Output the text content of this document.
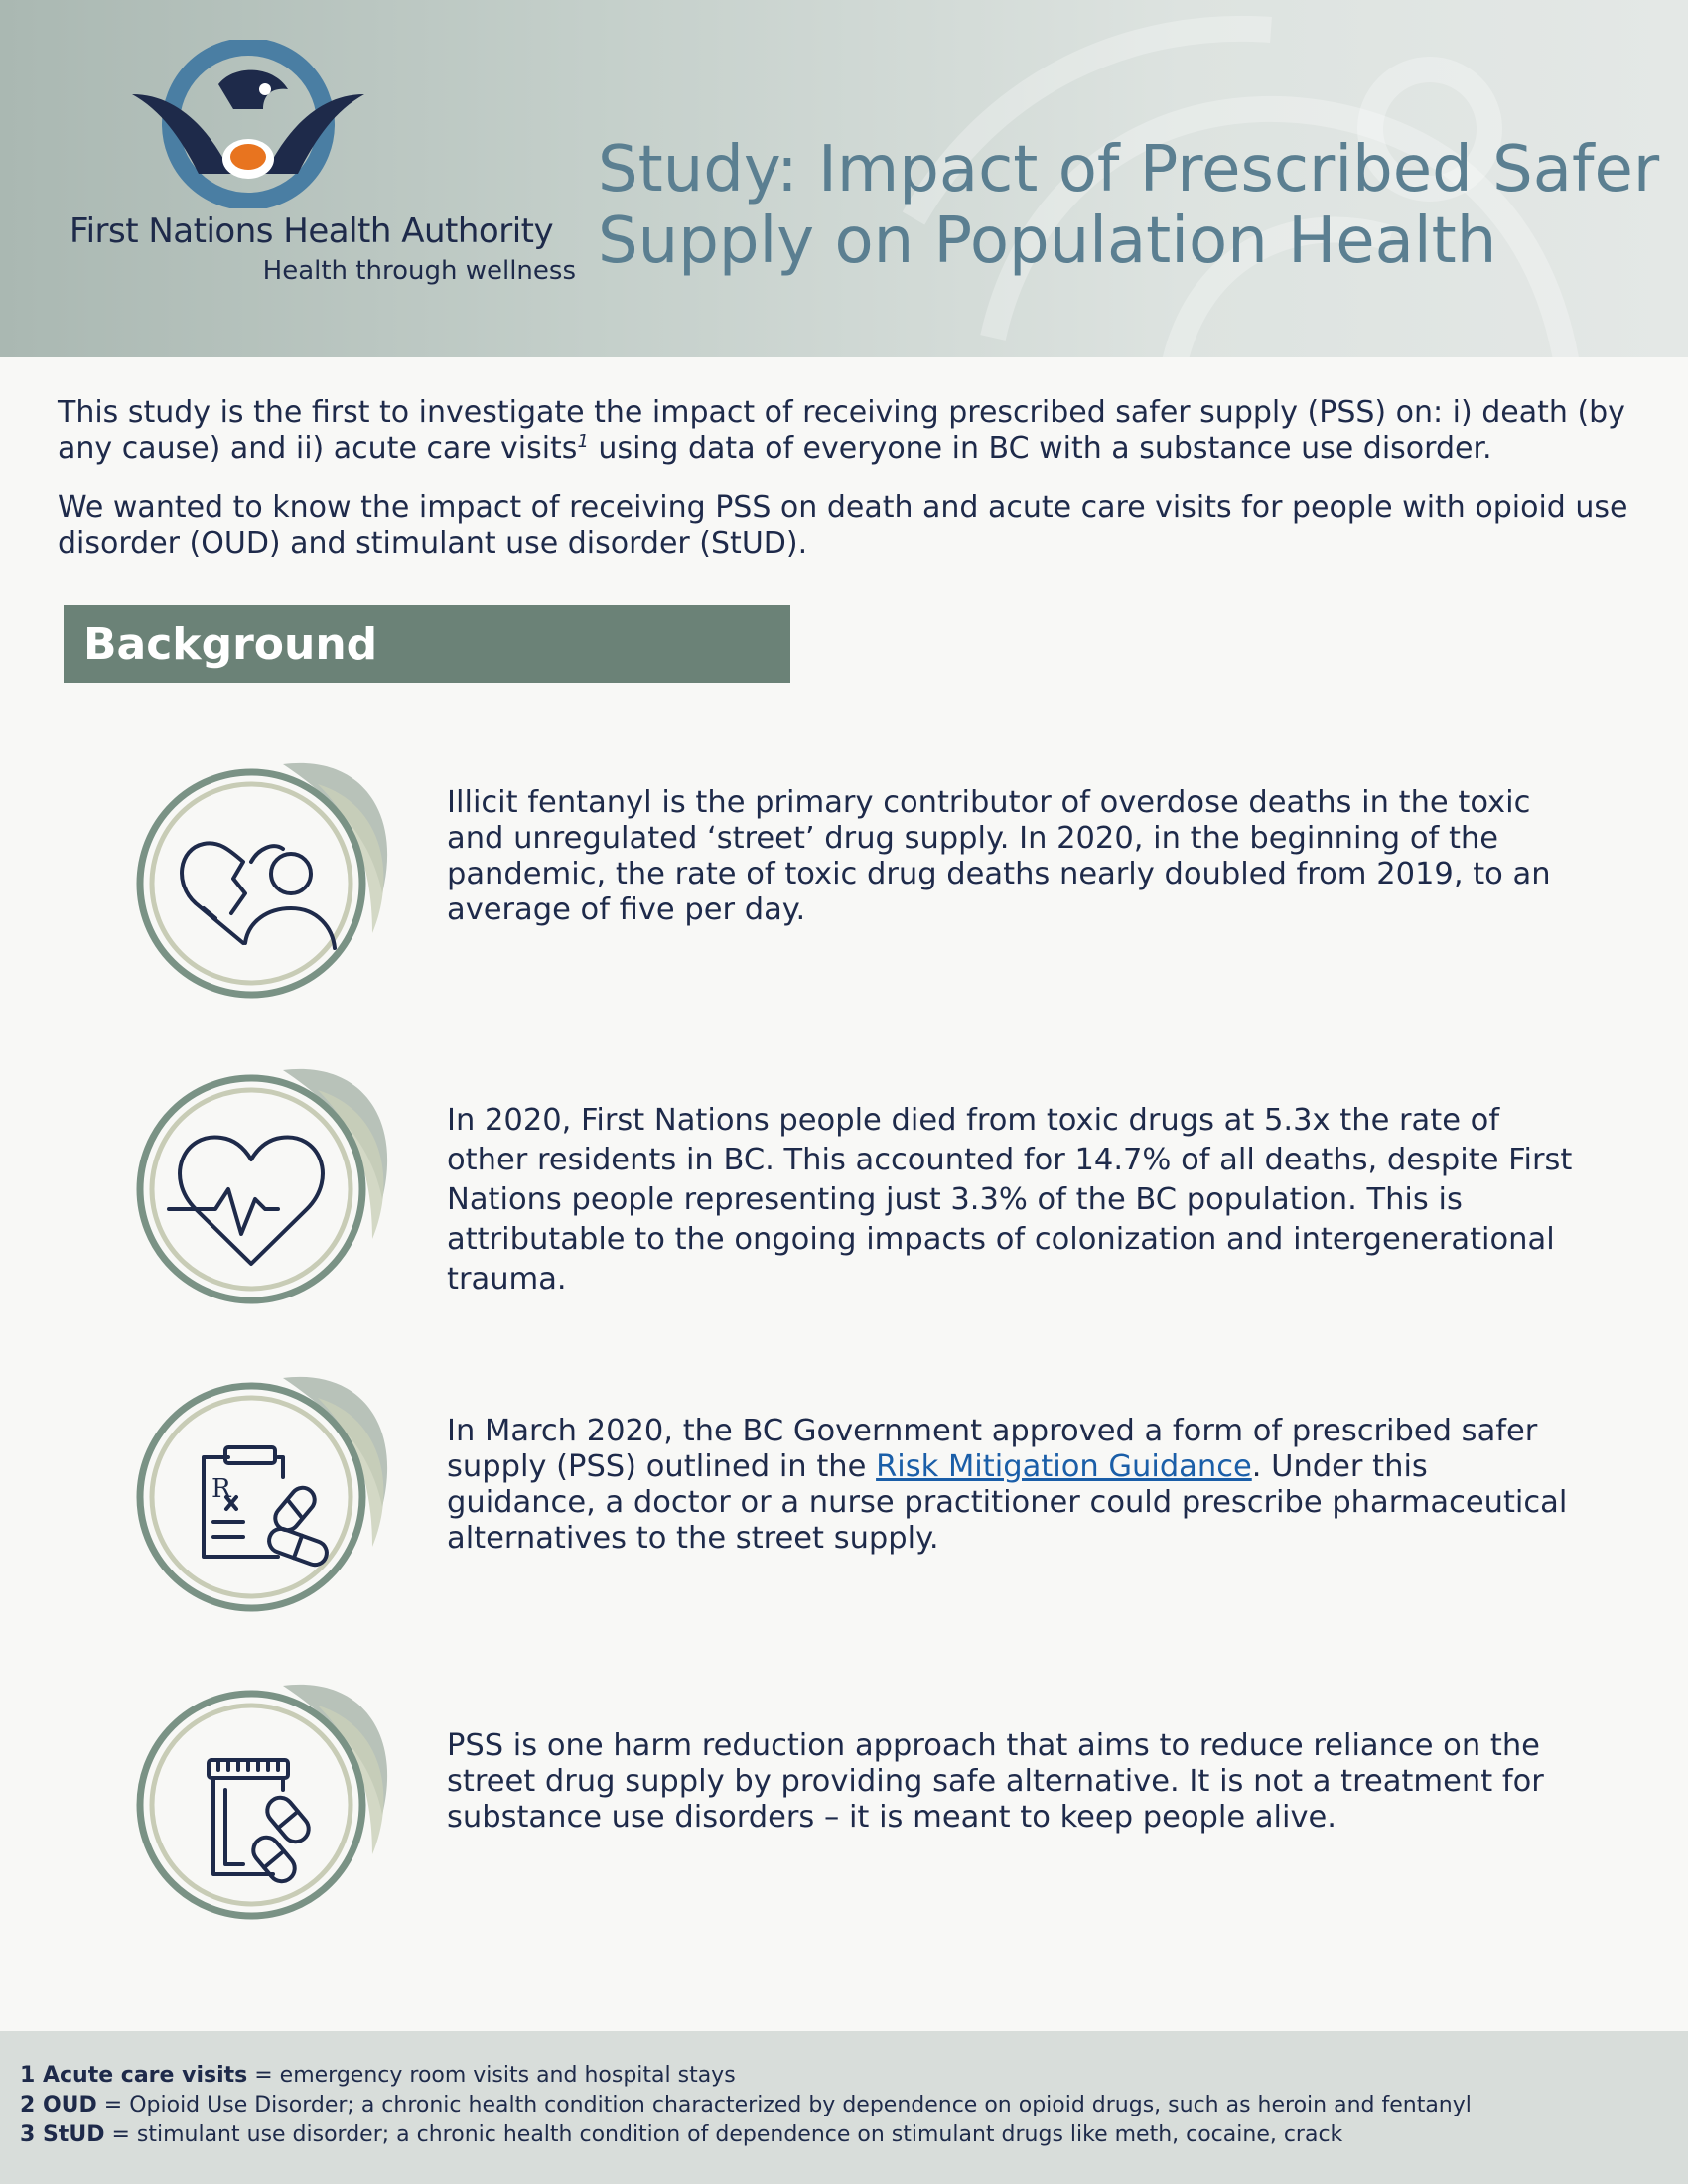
First Nations Health Authority
Health through wellness
Study: Impact of Prescribed Safer Supply on Population Health

This study is the first to investigate the impact of receiving prescribed safer supply (PSS) on: i) death (by any cause) and ii) acute care visits$^1$ using data of everyone in BC with a substance use disorder.

We wanted to know the impact of receiving PSS on death and acute care visits for people with opioid use disorder (OUD) and stimulant use disorder (StUD).

Background
Illicit fentanyl is the primary contributor of overdose deaths in the toxic and unregulated ‘street’ drug supply. In 2020, in the beginning of the pandemic, the rate of toxic drug deaths nearly doubled from 2019, to an average of five per day.
In 2020, First Nations people died from toxic drugs at 5.3x the rate of other residents in BC. This accounted for 14.7% of all deaths, despite First Nations people representing just 3.3% of the BC population. This is attributable to the ongoing impacts of colonization and intergenerational trauma.
R
In March 2020, the BC Government approved a form of prescribed safer supply (PSS) outlined in the Risk Mitigation Guidance. Under this guidance, a doctor or a nurse practitioner could prescribe pharmaceutical alternatives to the street supply.
PSS is one harm reduction approach that aims to reduce reliance on the street drug supply by providing safe alternative. It is not a treatment for substance use disorders – it is meant to keep people alive.
1 Acute care visits = emergency room visits and hospital stays
2 OUD = Opioid Use Disorder; a chronic health condition characterized by dependence on opioid drugs, such as heroin and fentanyl
3 StUD = stimulant use disorder; a chronic health condition of dependence on stimulant drugs like meth, cocaine, crack
